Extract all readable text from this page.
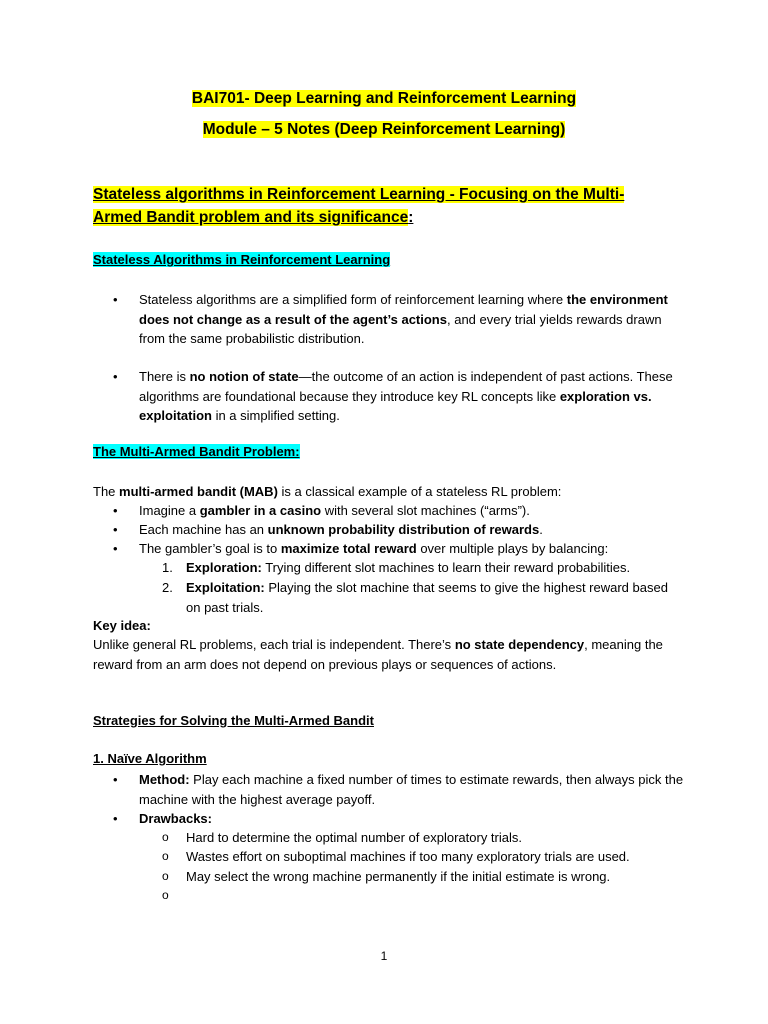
BAI701- Deep Learning and Reinforcement Learning
Module – 5 Notes (Deep Reinforcement Learning)
Stateless algorithms in Reinforcement Learning - Focusing on the Multi-
Armed Bandit problem and its significance:
Stateless Algorithms in Reinforcement Learning
• Stateless algorithms are a simplified form of reinforcement learning where the environment does not change as a result of the agent’s actions, and every trial yields rewards drawn from the same probabilistic distribution.
• There is no notion of state—the outcome of an action is independent of past actions. These algorithms are foundational because they introduce key RL concepts like exploration vs. exploitation in a simplified setting.
The Multi-Armed Bandit Problem:
The multi-armed bandit (MAB) is a classical example of a stateless RL problem:
• Imagine a gambler in a casino with several slot machines (“arms”).
• Each machine has an unknown probability distribution of rewards.
• The gambler’s goal is to maximize total reward over multiple plays by balancing:
1. Exploration: Trying different slot machines to learn their reward probabilities.
2. Exploitation: Playing the slot machine that seems to give the highest reward based on past trials.
Key idea:
Unlike general RL problems, each trial is independent. There’s no state dependency, meaning the reward from an arm does not depend on previous plays or sequences of actions.
Strategies for Solving the Multi-Armed Bandit
1. Naïve Algorithm
• Method: Play each machine a fixed number of times to estimate rewards, then always pick the machine with the highest average payoff.
• Drawbacks:
o Hard to determine the optimal number of exploratory trials.
o Wastes effort on suboptimal machines if too many exploratory trials are used.
o May select the wrong machine permanently if the initial estimate is wrong.
o
1
